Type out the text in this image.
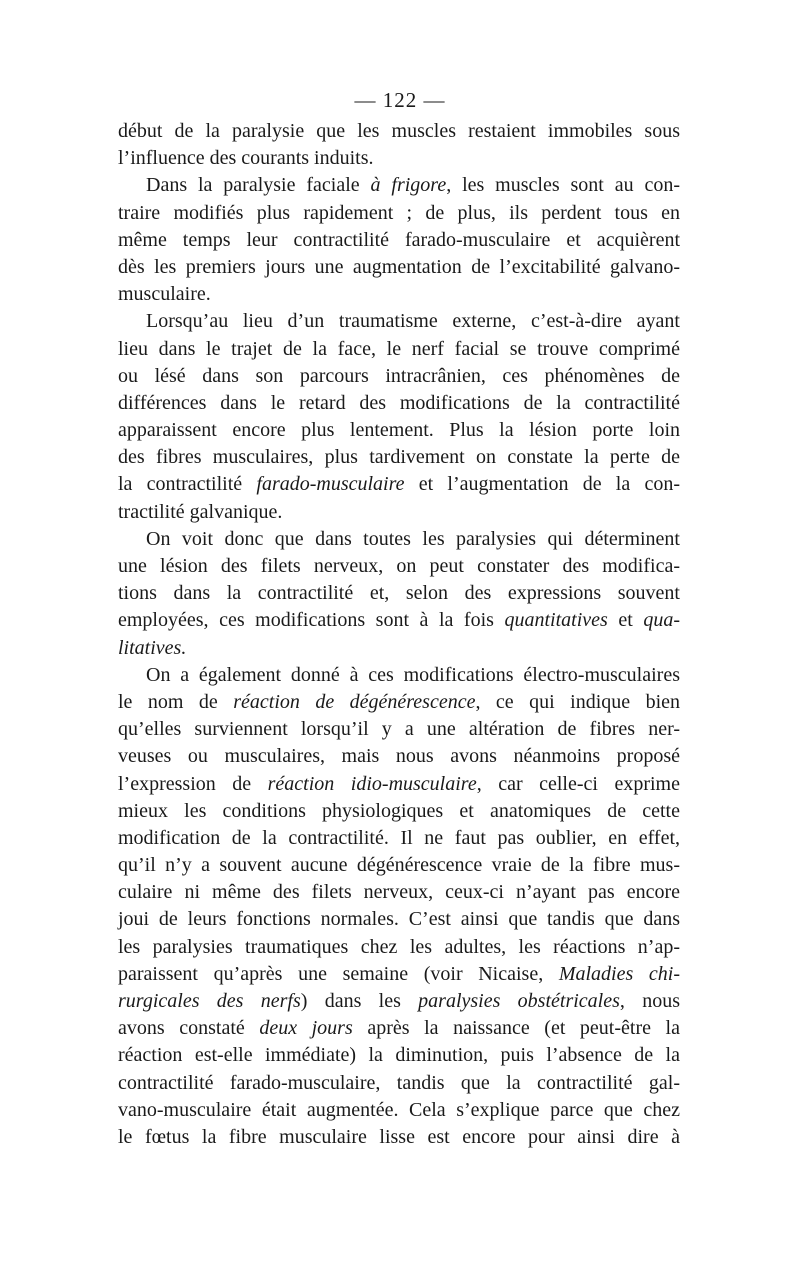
— 122 —
début de la paralysie que les muscles restaient immobiles sous
l’influence des courants induits.
Dans la paralysie faciale à frigore, les muscles sont au con-
traire modifiés plus rapidement ; de plus, ils perdent tous en
même temps leur contractilité farado-musculaire et acquièrent
dès les premiers jours une augmentation de l’excitabilité galvano-
musculaire.
Lorsqu’au lieu d’un traumatisme externe, c’est-à-dire ayant
lieu dans le trajet de la face, le nerf facial se trouve comprimé
ou lésé dans son parcours intracrânien, ces phénomènes de
différences dans le retard des modifications de la contractilité
apparaissent encore plus lentement. Plus la lésion porte loin
des fibres musculaires, plus tardivement on constate la perte de
la contractilité farado-musculaire et l’augmentation de la con-
tractilité galvanique.
On voit donc que dans toutes les paralysies qui déterminent
une lésion des filets nerveux, on peut constater des modifica-
tions dans la contractilité et, selon des expressions souvent
employées, ces modifications sont à la fois quantitatives et qua-
litatives.
On a également donné à ces modifications électro-musculaires
le nom de réaction de dégénérescence, ce qui indique bien
qu’elles surviennent lorsqu’il y a une altération de fibres ner-
veuses ou musculaires, mais nous avons néanmoins proposé
l’expression de réaction idio-musculaire, car celle-ci exprime
mieux les conditions physiologiques et anatomiques de cette
modification de la contractilité. Il ne faut pas oublier, en effet,
qu’il n’y a souvent aucune dégénérescence vraie de la fibre mus-
culaire ni même des filets nerveux, ceux-ci n’ayant pas encore
joui de leurs fonctions normales. C’est ainsi que tandis que dans
les paralysies traumatiques chez les adultes, les réactions n’ap-
paraissent qu’après une semaine (voir Nicaise, Maladies chi-
rurgicales des nerfs) dans les paralysies obstétricales, nous
avons constaté deux jours après la naissance (et peut-être la
réaction est-elle immédiate) la diminution, puis l’absence de la
contractilité farado-musculaire, tandis que la contractilité gal-
vano-musculaire était augmentée. Cela s’explique parce que chez
le fœtus la fibre musculaire lisse est encore pour ainsi dire à
